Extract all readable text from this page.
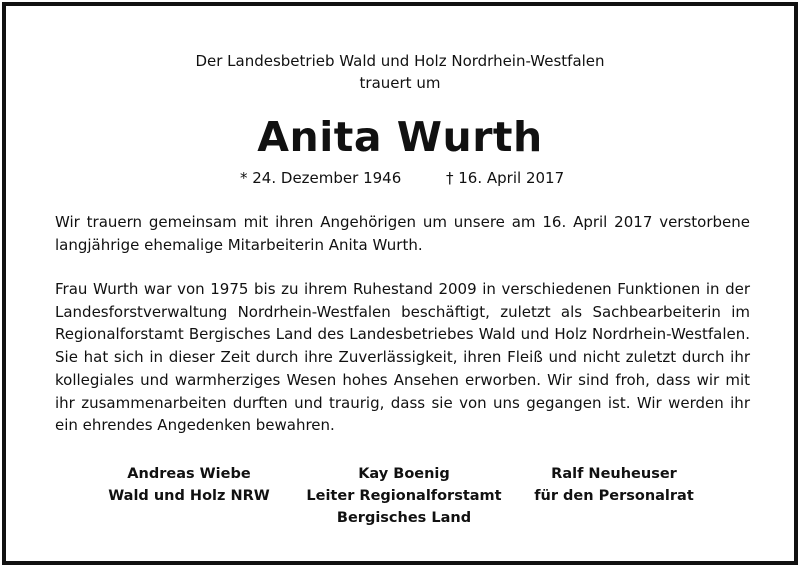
Der Landesbetrieb Wald und Holz Nordrhein-Westfalen
trauert um
Anita Wurth
* 24. Dezember 1946	† 16. April 2017
Wir trauern gemeinsam mit ihren Angehörigen um unsere am 16. April 2017 verstorbene langjährige ehemalige Mitarbeiterin Anita Wurth.
Frau Wurth war von 1975 bis zu ihrem Ruhestand 2009 in verschiedenen Funktionen in der Landesforstverwaltung Nordrhein-Westfalen beschäftigt, zuletzt als Sachbearbeiterin im Regionalforstamt Bergisches Land des Landesbetriebes Wald und Holz Nordrhein-Westfalen. Sie hat sich in dieser Zeit durch ihre Zuverlässigkeit, ihren Fleiß und nicht zuletzt durch ihr kollegiales und warmherziges Wesen hohes Ansehen erworben. Wir sind froh, dass wir mit ihr zusammenarbeiten durften und traurig, dass sie von uns gegangen ist. Wir werden ihr ein ehrendes Angedenken bewahren.
Andreas Wiebe
Wald und Holz NRW
Kay Boenig
Leiter Regionalforstamt
Bergisches Land
Ralf Neuheuser
für den Personalrat
